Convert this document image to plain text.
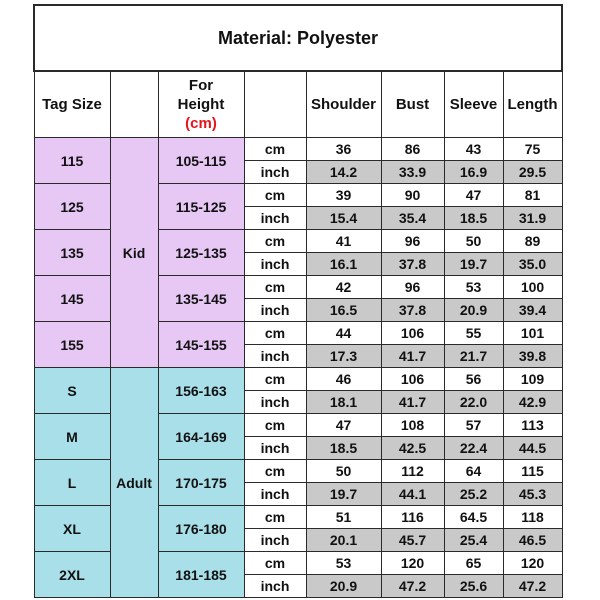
Material: Polyester							
Tag Size		For
Height
(cm)		Shoulder	Bust	Sleeve	Length
115	Kid	105-115	cm	36	86	43	75
			inch	14.2	33.9	16.9	29.5
125		115-125	cm	39	90	47	81
			inch	15.4	35.4	18.5	31.9
135		125-135	cm	41	96	50	89
			inch	16.1	37.8	19.7	35.0
145		135-145	cm	42	96	53	100
			inch	16.5	37.8	20.9	39.4
155		145-155	cm	44	106	55	101
			inch	17.3	41.7	21.7	39.8
S	Adult	156-163	cm	46	106	56	109
			inch	18.1	41.7	22.0	42.9
M		164-169	cm	47	108	57	113
			inch	18.5	42.5	22.4	44.5
L		170-175	cm	50	112	64	115
			inch	19.7	44.1	25.2	45.3
XL		176-180	cm	51	116	64.5	118
			inch	20.1	45.7	25.4	46.5
2XL		181-185	cm	53	120	65	120
			inch	20.9	47.2	25.6	47.2
